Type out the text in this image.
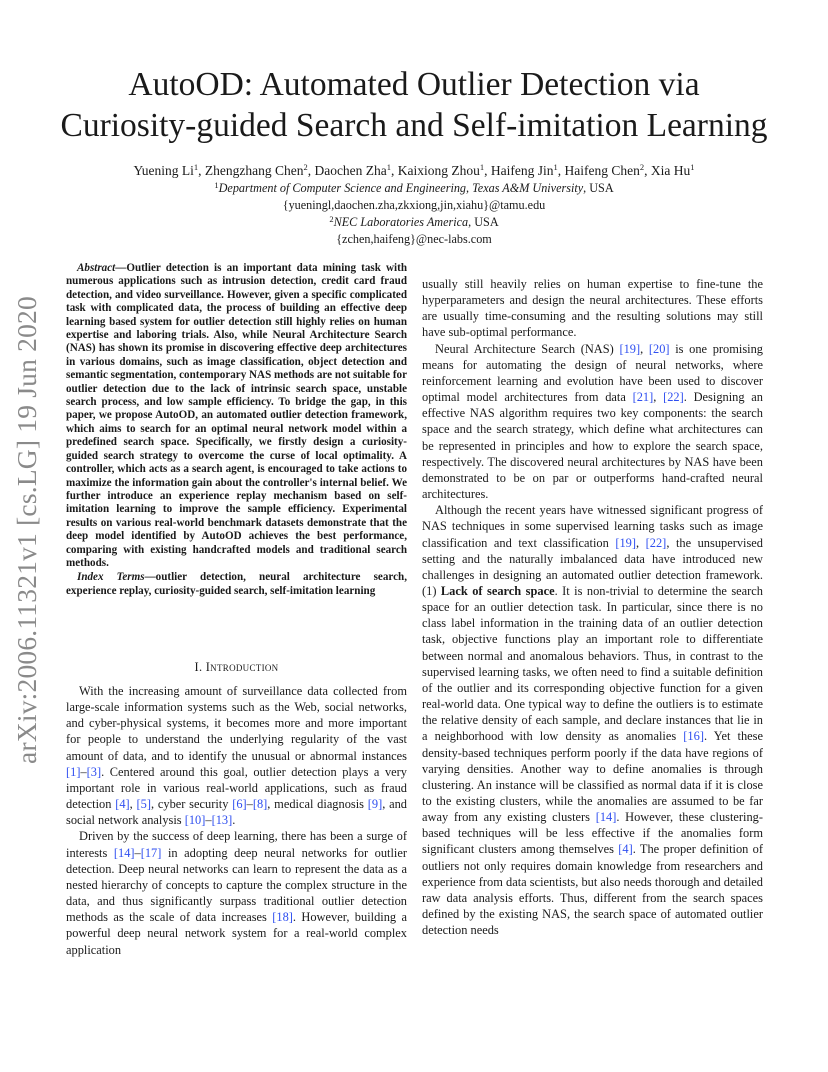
arXiv:2006.11321v1 [cs.LG] 19 Jun 2020
AutoOD: Automated Outlier Detection via
Curiosity-guided Search and Self-imitation Learning
Yuening Li$^1$, Zhengzhang Chen$^2$, Daochen Zha$^1$, Kaixiong Zhou$^1$, Haifeng Jin$^1$, Haifeng Chen$^2$, Xia Hu$^1$
$^1$Department of Computer Science and Engineering, Texas A&M University, USA
{yueningl,daochen.zha,zkxiong,jin,xiahu}@tamu.edu
$^2$NEC Laboratories America, USA
{zchen,haifeng}@nec-labs.com

Abstract—Outlier detection is an important data mining task with numerous applications such as intrusion detection, credit card fraud detection, and video surveillance. However, given a specific complicated task with complicated data, the process of building an effective deep learning based system for outlier detection still highly relies on human expertise and laboring trials. Also, while Neural Architecture Search (NAS) has shown its promise in discovering effective deep architectures in various domains, such as image classification, object detection and semantic segmentation, contemporary NAS methods are not suitable for outlier detection due to the lack of intrinsic search space, unstable search process, and low sample efficiency. To bridge the gap, in this paper, we propose AutoOD, an automated outlier detection framework, which aims to search for an optimal neural network model within a predefined search space. Specifically, we firstly design a curiosity-guided search strategy to overcome the curse of local optimality. A controller, which acts as a search agent, is encouraged to take actions to maximize the information gain about the controller's internal belief. We further introduce an experience replay mechanism based on self-imitation learning to improve the sample efficiency. Experimental results on various real-world benchmark datasets demonstrate that the deep model identified by AutoOD achieves the best performance, comparing with existing handcrafted models and traditional search methods.

Index Terms—outlier detection, neural architecture search, experience replay, curiosity-guided search, self-imitation learning

I. Introduction

With the increasing amount of surveillance data collected from large-scale information systems such as the Web, social networks, and cyber-physical systems, it becomes more and more important for people to understand the underlying regularity of the vast amount of data, and to identify the unusual or abnormal instances [1]–[3]. Centered around this goal, outlier detection plays a very important role in various real-world applications, such as fraud detection [4], [5], cyber security [6]–[8], medical diagnosis [9], and social network analysis [10]–[13].

Driven by the success of deep learning, there has been a surge of interests [14]–[17] in adopting deep neural networks for outlier detection. Deep neural networks can learn to represent the data as a nested hierarchy of concepts to capture the complex structure in the data, and thus significantly surpass traditional outlier detection methods as the scale of data increases [18]. However, building a powerful deep neural network system for a real-world complex application

usually still heavily relies on human expertise to fine-tune the hyperparameters and design the neural architectures. These efforts are usually time-consuming and the resulting solutions may still have sub-optimal performance.

Neural Architecture Search (NAS) [19], [20] is one promising means for automating the design of neural networks, where reinforcement learning and evolution have been used to discover optimal model architectures from data [21], [22]. Designing an effective NAS algorithm requires two key components: the search space and the search strategy, which define what architectures can be represented in principles and how to explore the search space, respectively. The discovered neural architectures by NAS have been demonstrated to be on par or outperforms hand-crafted neural architectures.

Although the recent years have witnessed significant progress of NAS techniques in some supervised learning tasks such as image classification and text classification [19], [22], the unsupervised setting and the naturally imbalanced data have introduced new challenges in designing an automated outlier detection framework. (1) Lack of search space. It is non-trivial to determine the search space for an outlier detection task. In particular, since there is no class label information in the training data of an outlier detection task, objective functions play an important role to differentiate between normal and anomalous behaviors. Thus, in contrast to the supervised learning tasks, we often need to find a suitable definition of the outlier and its corresponding objective function for a given real-world data. One typical way to define the outliers is to estimate the relative density of each sample, and declare instances that lie in a neighborhood with low density as anomalies [16]. Yet these density-based techniques perform poorly if the data have regions of varying densities. Another way to define anomalies is through clustering. An instance will be classified as normal data if it is close to the existing clusters, while the anomalies are assumed to be far away from any existing clusters [14]. However, these clustering-based techniques will be less effective if the anomalies form significant clusters among themselves [4]. The proper definition of outliers not only requires domain knowledge from researchers and experience from data scientists, but also needs thorough and detailed raw data analysis efforts. Thus, different from the search spaces defined by the existing NAS, the search space of automated outlier detection needs
